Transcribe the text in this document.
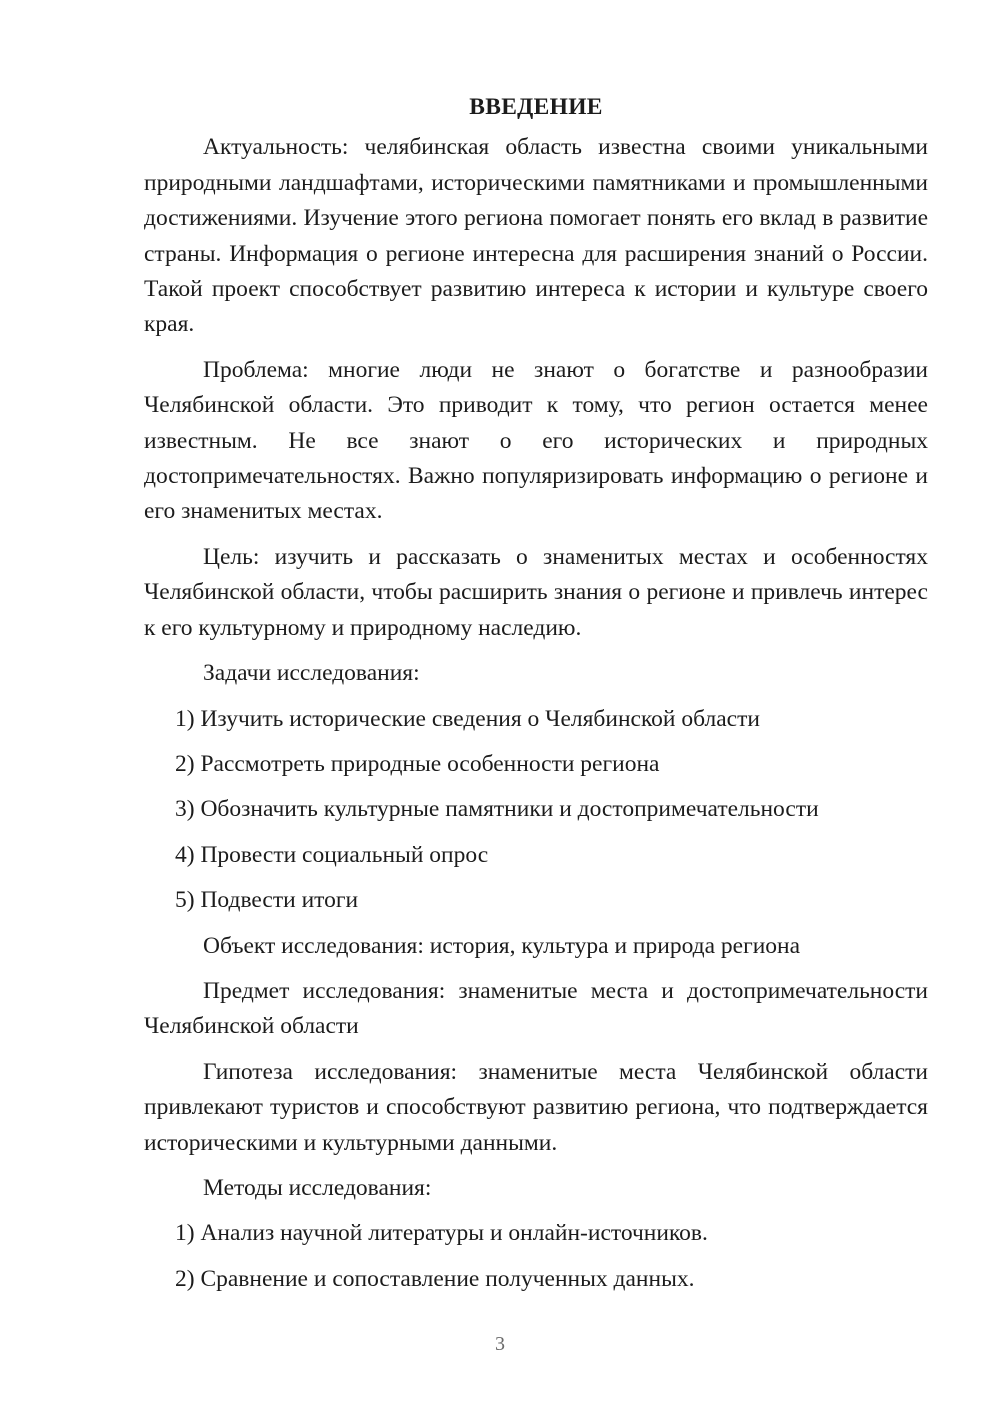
ВВЕДЕНИЕ

Актуальность: челябинская область известна своими уникальными природными ландшафтами, историческими памятниками и промышленными достижениями. Изучение этого региона помогает понять его вклад в развитие страны. Информация о регионе интересна для расширения знаний о России. Такой проект способствует развитию интереса к истории и культуре своего края.

Проблема: многие люди не знают о богатстве и разнообразии Челябинской области. Это приводит к тому, что регион остается менее известным. Не все знают о его исторических и природных достопримечательностях. Важно популяризировать информацию о регионе и его знаменитых местах.

Цель: изучить и рассказать о знаменитых местах и особенностях Челябинской области, чтобы расширить знания о регионе и привлечь интерес к его культурному и природному наследию.

Задачи исследования:

1) Изучить исторические сведения о Челябинской области
2) Рассмотреть природные особенности региона
3) Обозначить культурные памятники и достопримечательности
4) Провести социальный опрос
5) Подвести итоги

Объект исследования: история, культура и природа региона

Предмет исследования: знаменитые места и достопримечательности Челябинской области

Гипотеза исследования: знаменитые места Челябинской области привлекают туристов и способствуют развитию региона, что подтверждается историческими и культурными данными.

Методы исследования:

1) Анализ научной литературы и онлайн-источников.
2) Сравнение и сопоставление полученных данных.
3
